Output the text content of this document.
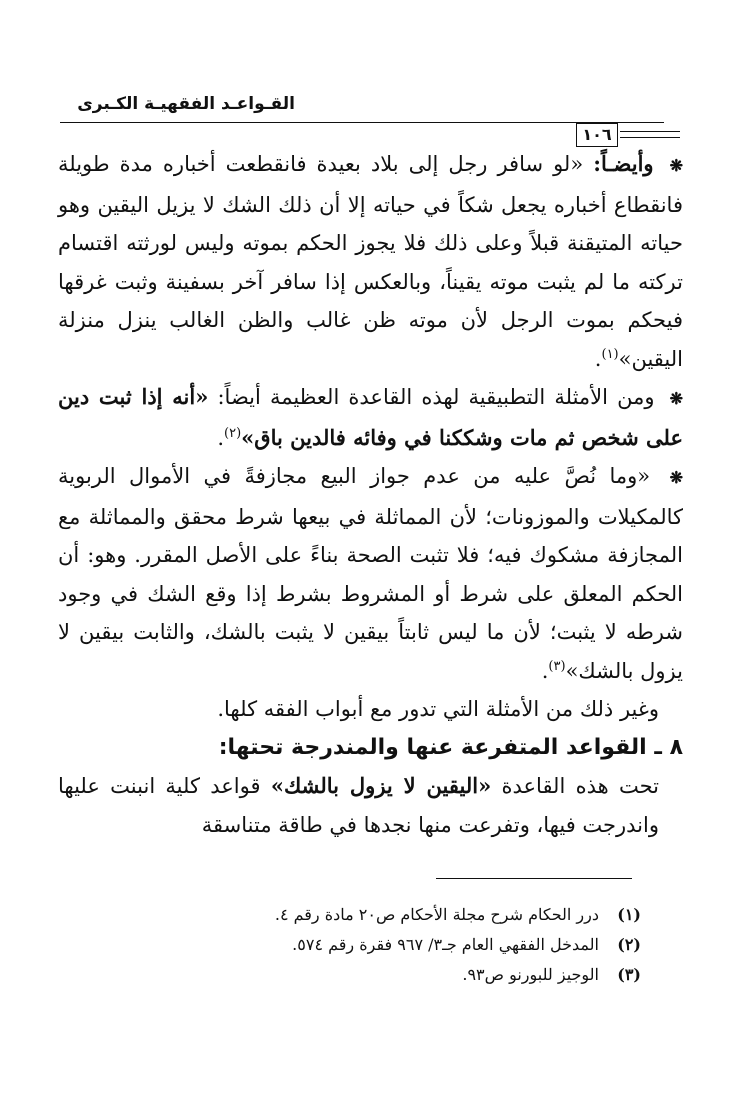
القـواعـد الفقهيـة الكـبرى
١٠٦

❋ وأيضـاً: «لو سافر رجل إلى بلاد بعيدة فانقطعت أخباره مدة طويلة فانقطاع أخباره يجعل شكاً في حياته إلا أن ذلك الشك لا يزيل اليقين وهو حياته المتيقنة قبلاً وعلى ذلك فلا يجوز الحكم بموته وليس لورثته اقتسام تركته ما لم يثبت موته يقيناً، وبالعكس إذا سافر آخر بسفينة وثبت غرقها فيحكم بموت الرجل لأن موته ظن غالب والظن الغالب ينزل منزلة اليقين»$^{(١)}$.

❋ ومن الأمثلة التطبيقية لهذه القاعدة العظيمة أيضاً: «أنه إذا ثبت دين على شخص ثم مات وشككنا في وفائه فالدين باق»$^{(٢)}$.

❋ «وما نُصَّ عليه من عدم جواز البيع مجازفةً في الأموال الربوية كالمكيلات والموزونات؛ لأن المماثلة في بيعها شرط محقق والمماثلة مع المجازفة مشكوك فيه؛ فلا تثبت الصحة بناءً على الأصل المقرر. وهو: أن الحكم المعلق على شرط أو المشروط بشرط إذا وقع الشك في وجود شرطه لا يثبت؛ لأن ما ليس ثابتاً بيقين لا يثبت بالشك، والثابت بيقين لا يزول بالشك»$^{(٣)}$.

وغير ذلك من الأمثلة التي تدور مع أبواب الفقه كلها.

٨ ـ القواعد المتفرعة عنها والمندرجة تحتها:

تحت هذه القاعدة «اليقين لا يزول بالشك» قواعد كلية انبنت عليها واندرجت فيها، وتفرعت منها نجدها في طاقة متناسقة

(١)
درر الحكام شرح مجلة الأحكام ص٢٠ مادة رقم ٤.
(٢)
المدخل الفقهي العام جـ٣/ ٩٦٧ فقرة رقم ٥٧٤.
(٣)
الوجيز للبورنو ص٩٣.
